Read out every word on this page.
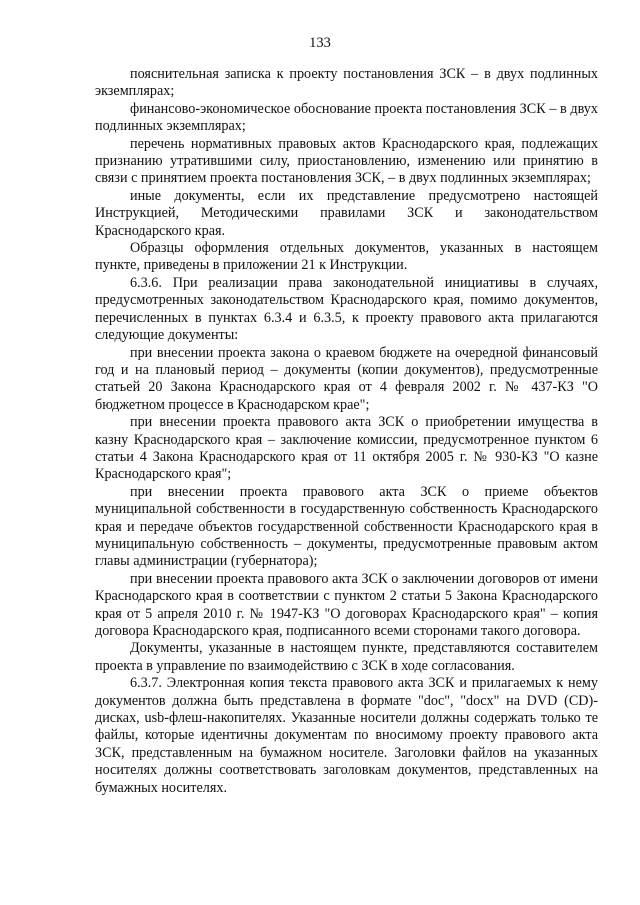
133

пояснительная записка к проекту постановления ЗСК – в двух подлинных экземплярах;

финансово-экономическое обоснование проекта постановления ЗСК – в двух подлинных экземплярах;

перечень нормативных правовых актов Краснодарского края, подлежащих признанию утратившими силу, приостановлению, изменению или принятию в связи с принятием проекта постановления ЗСК, – в двух подлинных экземплярах;

иные документы, если их представление предусмотрено настоящей Инструкцией, Методическими правилами ЗСК и законодательством Краснодарского края.

Образцы оформления отдельных документов, указанных в настоящем пункте, приведены в приложении 21 к Инструкции.

6.3.6. При реализации права законодательной инициативы в случаях, предусмотренных законодательством Краснодарского края, помимо документов, перечисленных в пунктах 6.3.4 и 6.3.5, к проекту правового акта прилагаются следующие документы:

при внесении проекта закона о краевом бюджете на очередной финансовый год и на плановый период – документы (копии документов), предусмотренные статьей 20 Закона Краснодарского края от 4 февраля 2002 г. № 437-КЗ "О бюджетном процессе в Краснодарском крае";

при внесении проекта правового акта ЗСК о приобретении имущества в казну Краснодарского края – заключение комиссии, предусмотренное пунктом 6 статьи 4 Закона Краснодарского края от 11 октября 2005 г. № 930-КЗ "О казне Краснодарского края";

при внесении проекта правового акта ЗСК о приеме объектов муниципальной собственности в государственную собственность Краснодарского края и передаче объектов государственной собственности Краснодарского края в муниципальную собственность – документы, предусмотренные правовым актом главы администрации (губернатора);

при внесении проекта правового акта ЗСК о заключении договоров от имени Краснодарского края в соответствии с пунктом 2 статьи 5 Закона Краснодарского края от 5 апреля 2010 г. № 1947-КЗ "О договорах Краснодарского края" – копия договора Краснодарского края, подписанного всеми сторонами такого договора.

Документы, указанные в настоящем пункте, представляются составителем проекта в управление по взаимодействию с ЗСК в ходе согласования.

6.3.7. Электронная копия текста правового акта ЗСК и прилагаемых к нему документов должна быть представлена в формате "doc", "docx" на DVD (CD)-дисках, usb-флеш-накопителях. Указанные носители должны содержать только те файлы, которые идентичны документам по вносимому проекту правового акта ЗСК, представленным на бумажном носителе. Заголовки файлов на указанных носителях должны соответствовать заголовкам документов, представленных на бумажных носителях.
